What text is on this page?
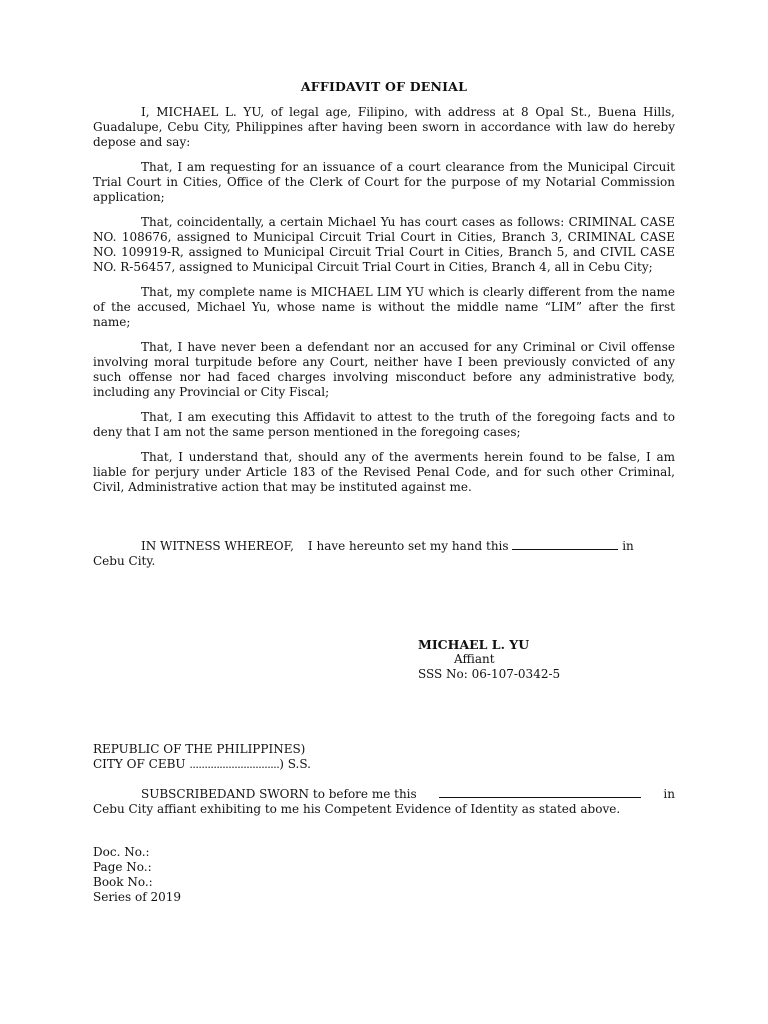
AFFIDAVIT OF DENIAL

I, MICHAEL L. YU, of legal age, Filipino, with address at 8 Opal St., Buena Hills, Guadalupe, Cebu City, Philippines after having been sworn in accordance with law do hereby depose and say:

That, I am requesting for an issuance of a court clearance from the Municipal Circuit Trial Court in Cities, Office of the Clerk of Court for the purpose of my Notarial Commission application;

That, coincidentally, a certain Michael Yu has court cases as follows: CRIMINAL CASE NO. 108676, assigned to Municipal Circuit Trial Court in Cities, Branch 3, CRIMINAL CASE NO. 109919-R, assigned to Municipal Circuit Trial Court in Cities, Branch 5, and CIVIL CASE NO. R-56457, assigned to Municipal Circuit Trial Court in Cities, Branch 4, all in Cebu City;

That, my complete name is MICHAEL LIM YU which is clearly different from the name of the accused, Michael Yu, whose name is without the middle name “LIM” after the first name;

That, I have never been a defendant nor an accused for any Criminal or Civil offense involving moral turpitude before any Court, neither have I been previously convicted of any such offense nor had faced charges involving misconduct before any administrative body, including any Provincial or City Fiscal;

That, I am executing this Affidavit to attest to the truth of the foregoing facts and to deny that I am not the same person mentioned in the foregoing cases;

That, I understand that, should any of the averments herein found to be false, I am liable for perjury under Article 183 of the Revised Penal Code, and for such other Criminal, Civil, Administrative action that may be instituted against me.

IN WITNESS WHEREOF, I have hereunto set my hand this	in
Cebu City.
MICHAEL L. YU
Affiant
SSS No: 06-107-0342-5
REPUBLIC OF THE PHILIPPINES)
CITY OF CEBU ..............................) S.S.
SUBSCRIBEDAND SWORN to before me this	in
Cebu City affiant exhibiting to me his Competent Evidence of Identity as stated above.
Doc. No.:
Page No.:
Book No.:
Series of 2019
